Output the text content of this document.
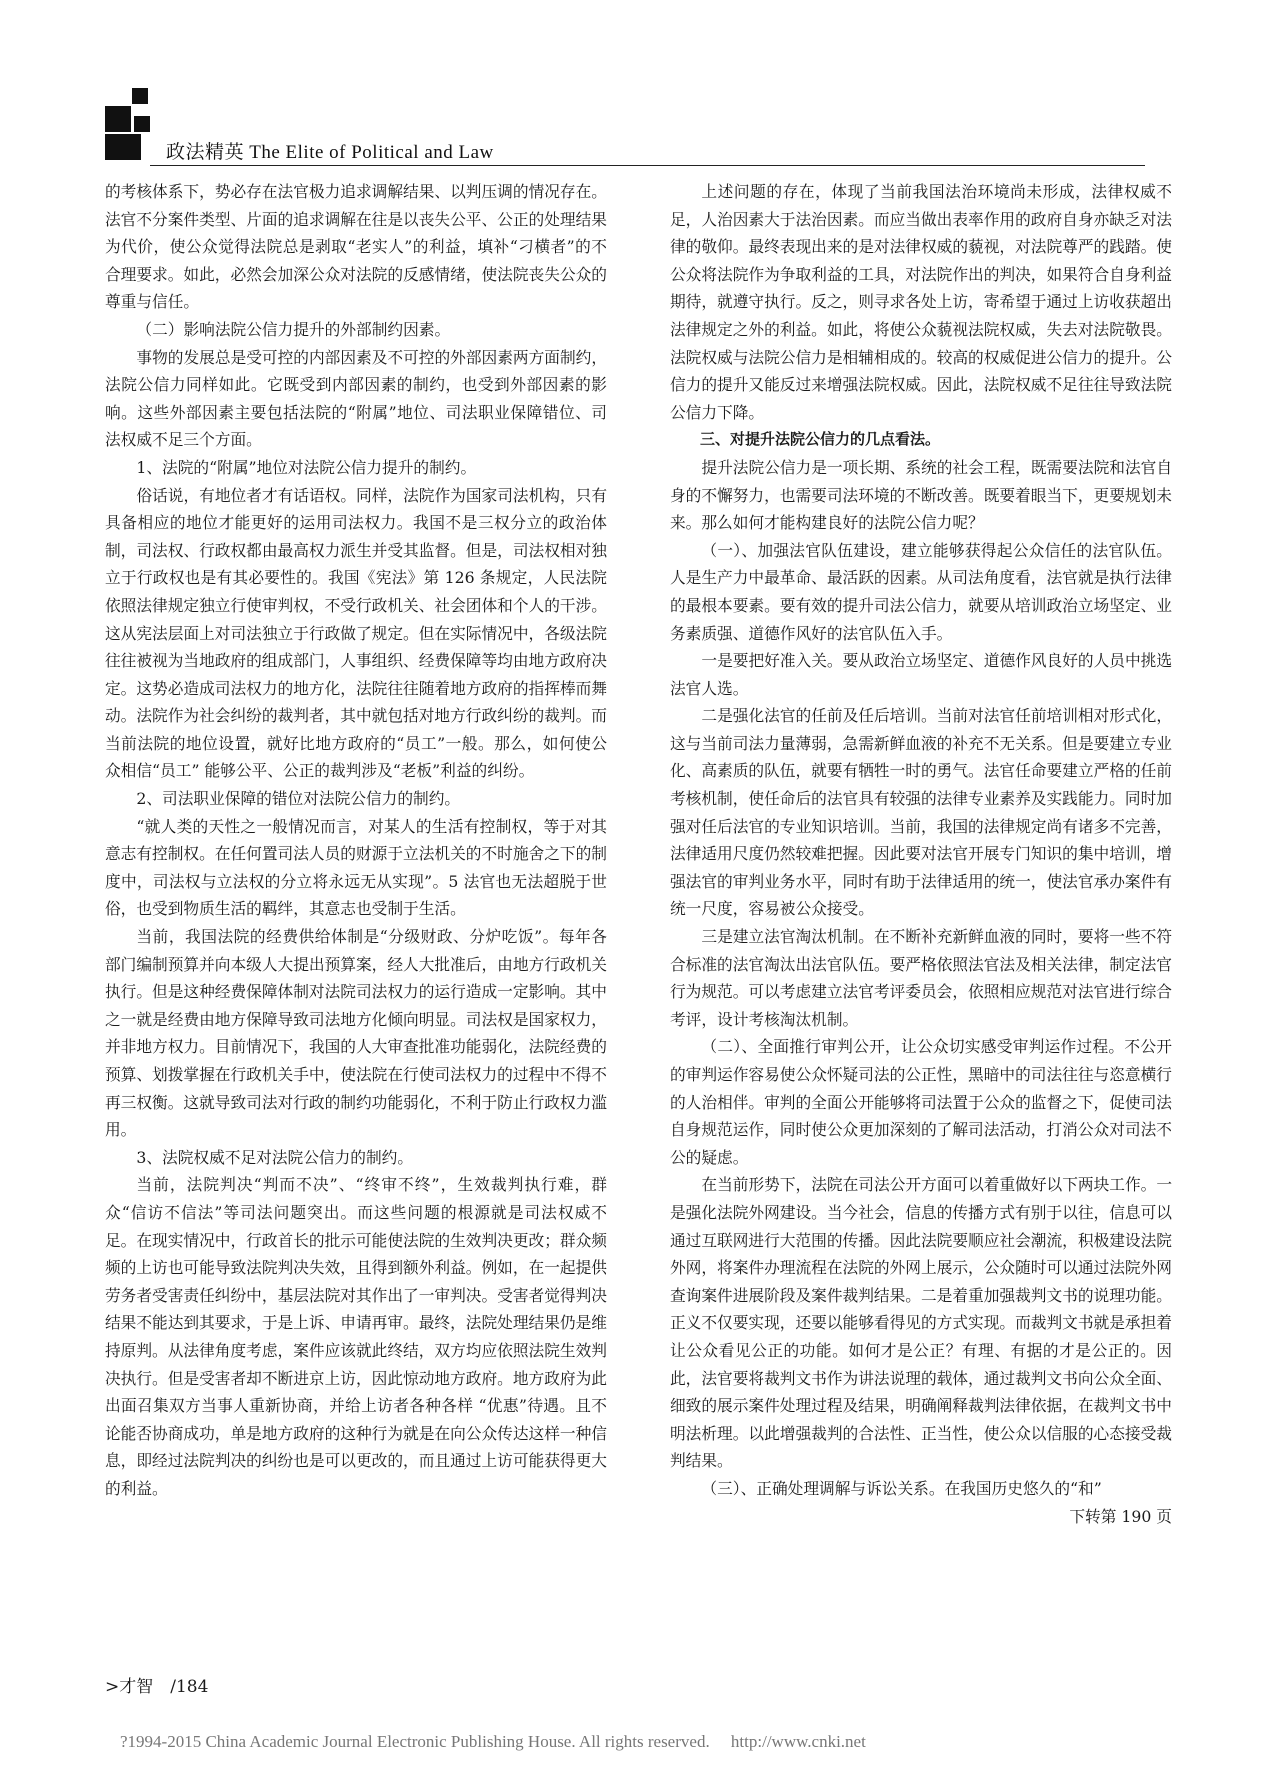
政法精英 The Elite of Political and Law

的考核体系下，势必存在法官极力追求调解结果、以判压调的情况存在。法官不分案件类型、片面的追求调解在往是以丧失公平、公正的处理结果为代价，使公众觉得法院总是剥取“老实人”的利益，填补“刁横者”的不合理要求。如此，必然会加深公众对法院的反感情绪，使法院丧失公众的尊重与信任。

（二）影响法院公信力提升的外部制约因素。

事物的发展总是受可控的内部因素及不可控的外部因素两方面制约，法院公信力同样如此。它既受到内部因素的制约，也受到外部因素的影响。这些外部因素主要包括法院的“附属”地位、司法职业保障错位、司法权威不足三个方面。

1、法院的“附属”地位对法院公信力提升的制约。

俗话说，有地位者才有话语权。同样，法院作为国家司法机构，只有具备相应的地位才能更好的运用司法权力。我国不是三权分立的政治体制，司法权、行政权都由最高权力派生并受其监督。但是，司法权相对独立于行政权也是有其必要性的。我国《宪法》第 126 条规定，人民法院依照法律规定独立行使审判权，不受行政机关、社会团体和个人的干涉。这从宪法层面上对司法独立于行政做了规定。但在实际情况中，各级法院往往被视为当地政府的组成部门，人事组织、经费保障等均由地方政府决定。这势必造成司法权力的地方化，法院往往随着地方政府的指挥棒而舞动。法院作为社会纠纷的裁判者，其中就包括对地方行政纠纷的裁判。而当前法院的地位设置，就好比地方政府的“员工”一般。那么，如何使公众相信“员工” 能够公平、公正的裁判涉及“老板”利益的纠纷。

2、司法职业保障的错位对法院公信力的制约。

“就人类的天性之一般情况而言，对某人的生活有控制权，等于对其意志有控制权。在任何置司法人员的财源于立法机关的不时施舍之下的制度中，司法权与立法权的分立将永远无从实现”。5 法官也无法超脱于世俗，也受到物质生活的羁绊，其意志也受制于生活。

当前，我国法院的经费供给体制是“分级财政、分炉吃饭”。每年各部门编制预算并向本级人大提出预算案，经人大批准后，由地方行政机关执行。但是这种经费保障体制对法院司法权力的运行造成一定影响。其中之一就是经费由地方保障导致司法地方化倾向明显。司法权是国家权力，并非地方权力。目前情况下，我国的人大审查批准功能弱化，法院经费的预算、划拨掌握在行政机关手中，使法院在行使司法权力的过程中不得不再三权衡。这就导致司法对行政的制约功能弱化，不利于防止行政权力滥用。

3、法院权威不足对法院公信力的制约。

当前，法院判决“判而不决”、“终审不终”，生效裁判执行难，群众“信访不信法”等司法问题突出。而这些问题的根源就是司法权威不足。在现实情况中，行政首长的批示可能使法院的生效判决更改；群众频频的上访也可能导致法院判决失效，且得到额外利益。例如，在一起提供劳务者受害责任纠纷中，基层法院对其作出了一审判决。受害者觉得判决结果不能达到其要求，于是上诉、申请再审。最终，法院处理结果仍是维持原判。从法律角度考虑，案件应该就此终结，双方均应依照法院生效判决执行。但是受害者却不断进京上访，因此惊动地方政府。地方政府为此出面召集双方当事人重新协商，并给上访者各种各样 “优惠”待遇。且不论能否协商成功，单是地方政府的这种行为就是在向公众传达这样一种信息，即经过法院判决的纠纷也是可以更改的，而且通过上访可能获得更大的利益。

上述问题的存在，体现了当前我国法治环境尚未形成，法律权威不足，人治因素大于法治因素。而应当做出表率作用的政府自身亦缺乏对法律的敬仰。最终表现出来的是对法律权威的藐视，对法院尊严的践踏。使公众将法院作为争取利益的工具，对法院作出的判决，如果符合自身利益期待，就遵守执行。反之，则寻求各处上访，寄希望于通过上访收获超出法律规定之外的利益。如此，将使公众藐视法院权威，失去对法院敬畏。法院权威与法院公信力是相辅相成的。较高的权威促进公信力的提升。公信力的提升又能反过来增强法院权威。因此，法院权威不足往往导致法院公信力下降。

三、对提升法院公信力的几点看法。

提升法院公信力是一项长期、系统的社会工程，既需要法院和法官自身的不懈努力，也需要司法环境的不断改善。既要着眼当下，更要规划未来。那么如何才能构建良好的法院公信力呢？

（一）、加强法官队伍建设，建立能够获得起公众信任的法官队伍。人是生产力中最革命、最活跃的因素。从司法角度看，法官就是执行法律的最根本要素。要有效的提升司法公信力，就要从培训政治立场坚定、业务素质强、道德作风好的法官队伍入手。

一是要把好准入关。要从政治立场坚定、道德作风良好的人员中挑选法官人选。

二是强化法官的任前及任后培训。当前对法官任前培训相对形式化，这与当前司法力量薄弱，急需新鲜血液的补充不无关系。但是要建立专业化、高素质的队伍，就要有牺牲一时的勇气。法官任命要建立严格的任前考核机制，使任命后的法官具有较强的法律专业素养及实践能力。同时加强对任后法官的专业知识培训。当前，我国的法律规定尚有诸多不完善，法律适用尺度仍然较难把握。因此要对法官开展专门知识的集中培训，增强法官的审判业务水平，同时有助于法律适用的统一，使法官承办案件有统一尺度，容易被公众接受。

三是建立法官淘汰机制。在不断补充新鲜血液的同时，要将一些不符合标准的法官淘汰出法官队伍。要严格依照法官法及相关法律，制定法官行为规范。可以考虑建立法官考评委员会，依照相应规范对法官进行综合考评，设计考核淘汰机制。

（二）、全面推行审判公开，让公众切实感受审判运作过程。不公开的审判运作容易使公众怀疑司法的公正性，黑暗中的司法往往与恣意横行的人治相伴。审判的全面公开能够将司法置于公众的监督之下，促使司法自身规范运作，同时使公众更加深刻的了解司法活动，打消公众对司法不公的疑虑。

在当前形势下，法院在司法公开方面可以着重做好以下两块工作。一是强化法院外网建设。当今社会，信息的传播方式有别于以往，信息可以通过互联网进行大范围的传播。因此法院要顺应社会潮流，积极建设法院外网，将案件办理流程在法院的外网上展示，公众随时可以通过法院外网查询案件进展阶段及案件裁判结果。二是着重加强裁判文书的说理功能。正义不仅要实现，还要以能够看得见的方式实现。而裁判文书就是承担着让公众看见公正的功能。如何才是公正？有理、有据的才是公正的。因此，法官要将裁判文书作为讲法说理的载体，通过裁判文书向公众全面、细致的展示案件处理过程及结果，明确阐释裁判法律依据，在裁判文书中明法析理。以此增强裁判的合法性、正当性，使公众以信服的心态接受裁判结果。

（三）、正确处理调解与诉讼关系。在我国历史悠久的“和”

下转第 190 页

>才智　/184
?1994-2015 China Academic Journal Electronic Publishing House. All rights reserved.　 http://www.cnki.net
